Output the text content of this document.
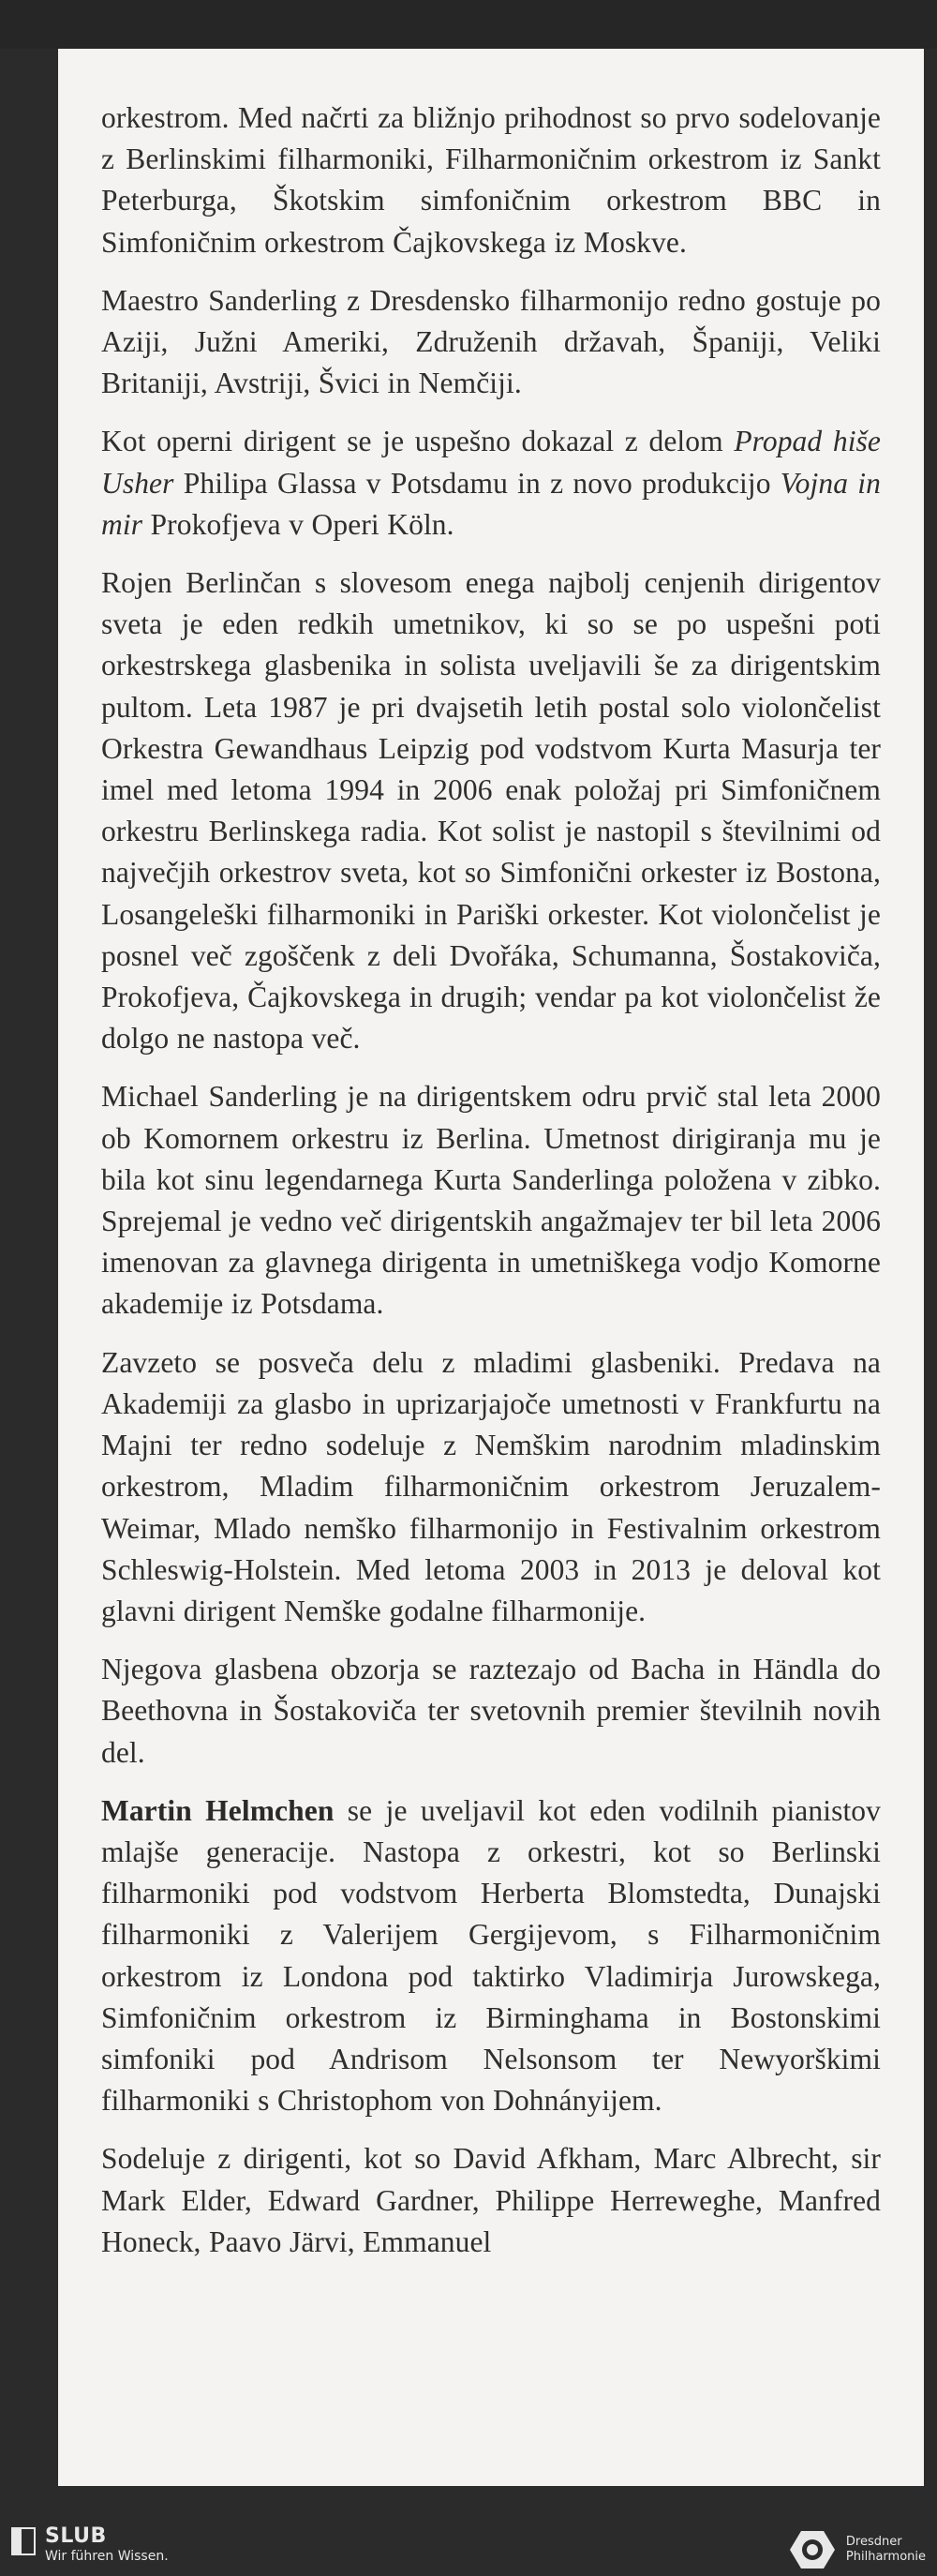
orkestrom. Med načrti za bližnjo prihodnost so prvo sodelovanje z Berlinskimi filharmoniki, Filharmoničnim orkestrom iz Sankt Peterburga, Škotskim simfoničnim orkestrom BBC in Simfoničnim orkestrom Čajkovskega iz Moskve.

Maestro Sanderling z Dresdensko filharmonijo redno gostuje po Aziji, Južni Ameriki, Združenih državah, Španiji, Veliki Britaniji, Avstriji, Švici in Nemčiji.

Kot operni dirigent se je uspešno dokazal z delom Propad hiše Usher Philipa Glassa v Potsdamu in z novo produkcijo Vojna in mir Prokofjeva v Operi Köln.

Rojen Berlinčan s slovesom enega najbolj cenjenih dirigentov sveta je eden redkih umetnikov, ki so se po uspešni poti orkestrskega glasbenika in solista uveljavili še za dirigentskim pultom. Leta 1987 je pri dvajsetih letih postal solo violončelist Orkestra Gewandhaus Leipzig pod vodstvom Kurta Masurja ter imel med letoma 1994 in 2006 enak položaj pri Simfoničnem orkestru Berlinskega radia. Kot solist je nastopil s številnimi od največjih orkestrov sveta, kot so Simfonični orkester iz Bostona, Losangeleški filharmoniki in Pariški orkester. Kot violončelist je posnel več zgoščenk z deli Dvořáka, Schumanna, Šostakoviča, Prokofjeva, Čajkovskega in drugih; vendar pa kot violončelist že dolgo ne nastopa več.

Michael Sanderling je na dirigentskem odru prvič stal leta 2000 ob Komornem orkestru iz Berlina. Umetnost dirigiranja mu je bila kot sinu legendarnega Kurta Sanderlinga položena v zibko. Sprejemal je vedno več dirigentskih angažmajev ter bil leta 2006 imenovan za glavnega dirigenta in umetniškega vodjo Komorne akademije iz Potsdama.

Zavzeto se posveča delu z mladimi glasbeniki. Predava na Akademiji za glasbo in uprizarjajoče umetnosti v Frankfurtu na Majni ter redno sodeluje z Nemškim narodnim mladinskim orkestrom, Mladim filharmoničnim orkestrom Jeruzalem-Weimar, Mlado nemško filharmonijo in Festivalnim orkestrom Schleswig-Holstein. Med letoma 2003 in 2013 je deloval kot glavni dirigent Nemške godalne filharmonije.

Njegova glasbena obzorja se raztezajo od Bacha in Händla do Beethovna in Šostakoviča ter svetovnih premier številnih novih del.

Martin Helmchen se je uveljavil kot eden vodilnih pianistov mlajše generacije. Nastopa z orkestri, kot so Berlinski filharmoniki pod vodstvom Herberta Blomstedta, Dunajski filharmoniki z Valerijem Gergijevom, s Filharmoničnim orkestrom iz Londona pod taktirko Vladimirja Jurowskega, Simfoničnim orkestrom iz Birminghama in Bostonskimi simfoniki pod Andrisom Nelsonsom ter Newyorškimi filharmoniki s Christophom von Dohnányijem.

Sodeluje z dirigenti, kot so David Afkham, Marc Albrecht, sir Mark Elder, Edward Gardner, Philippe Herreweghe, Manfred Honeck, Paavo Järvi, Emmanuel

SLUB
Wir führen Wissen.
Dresdner
Philharmonie
